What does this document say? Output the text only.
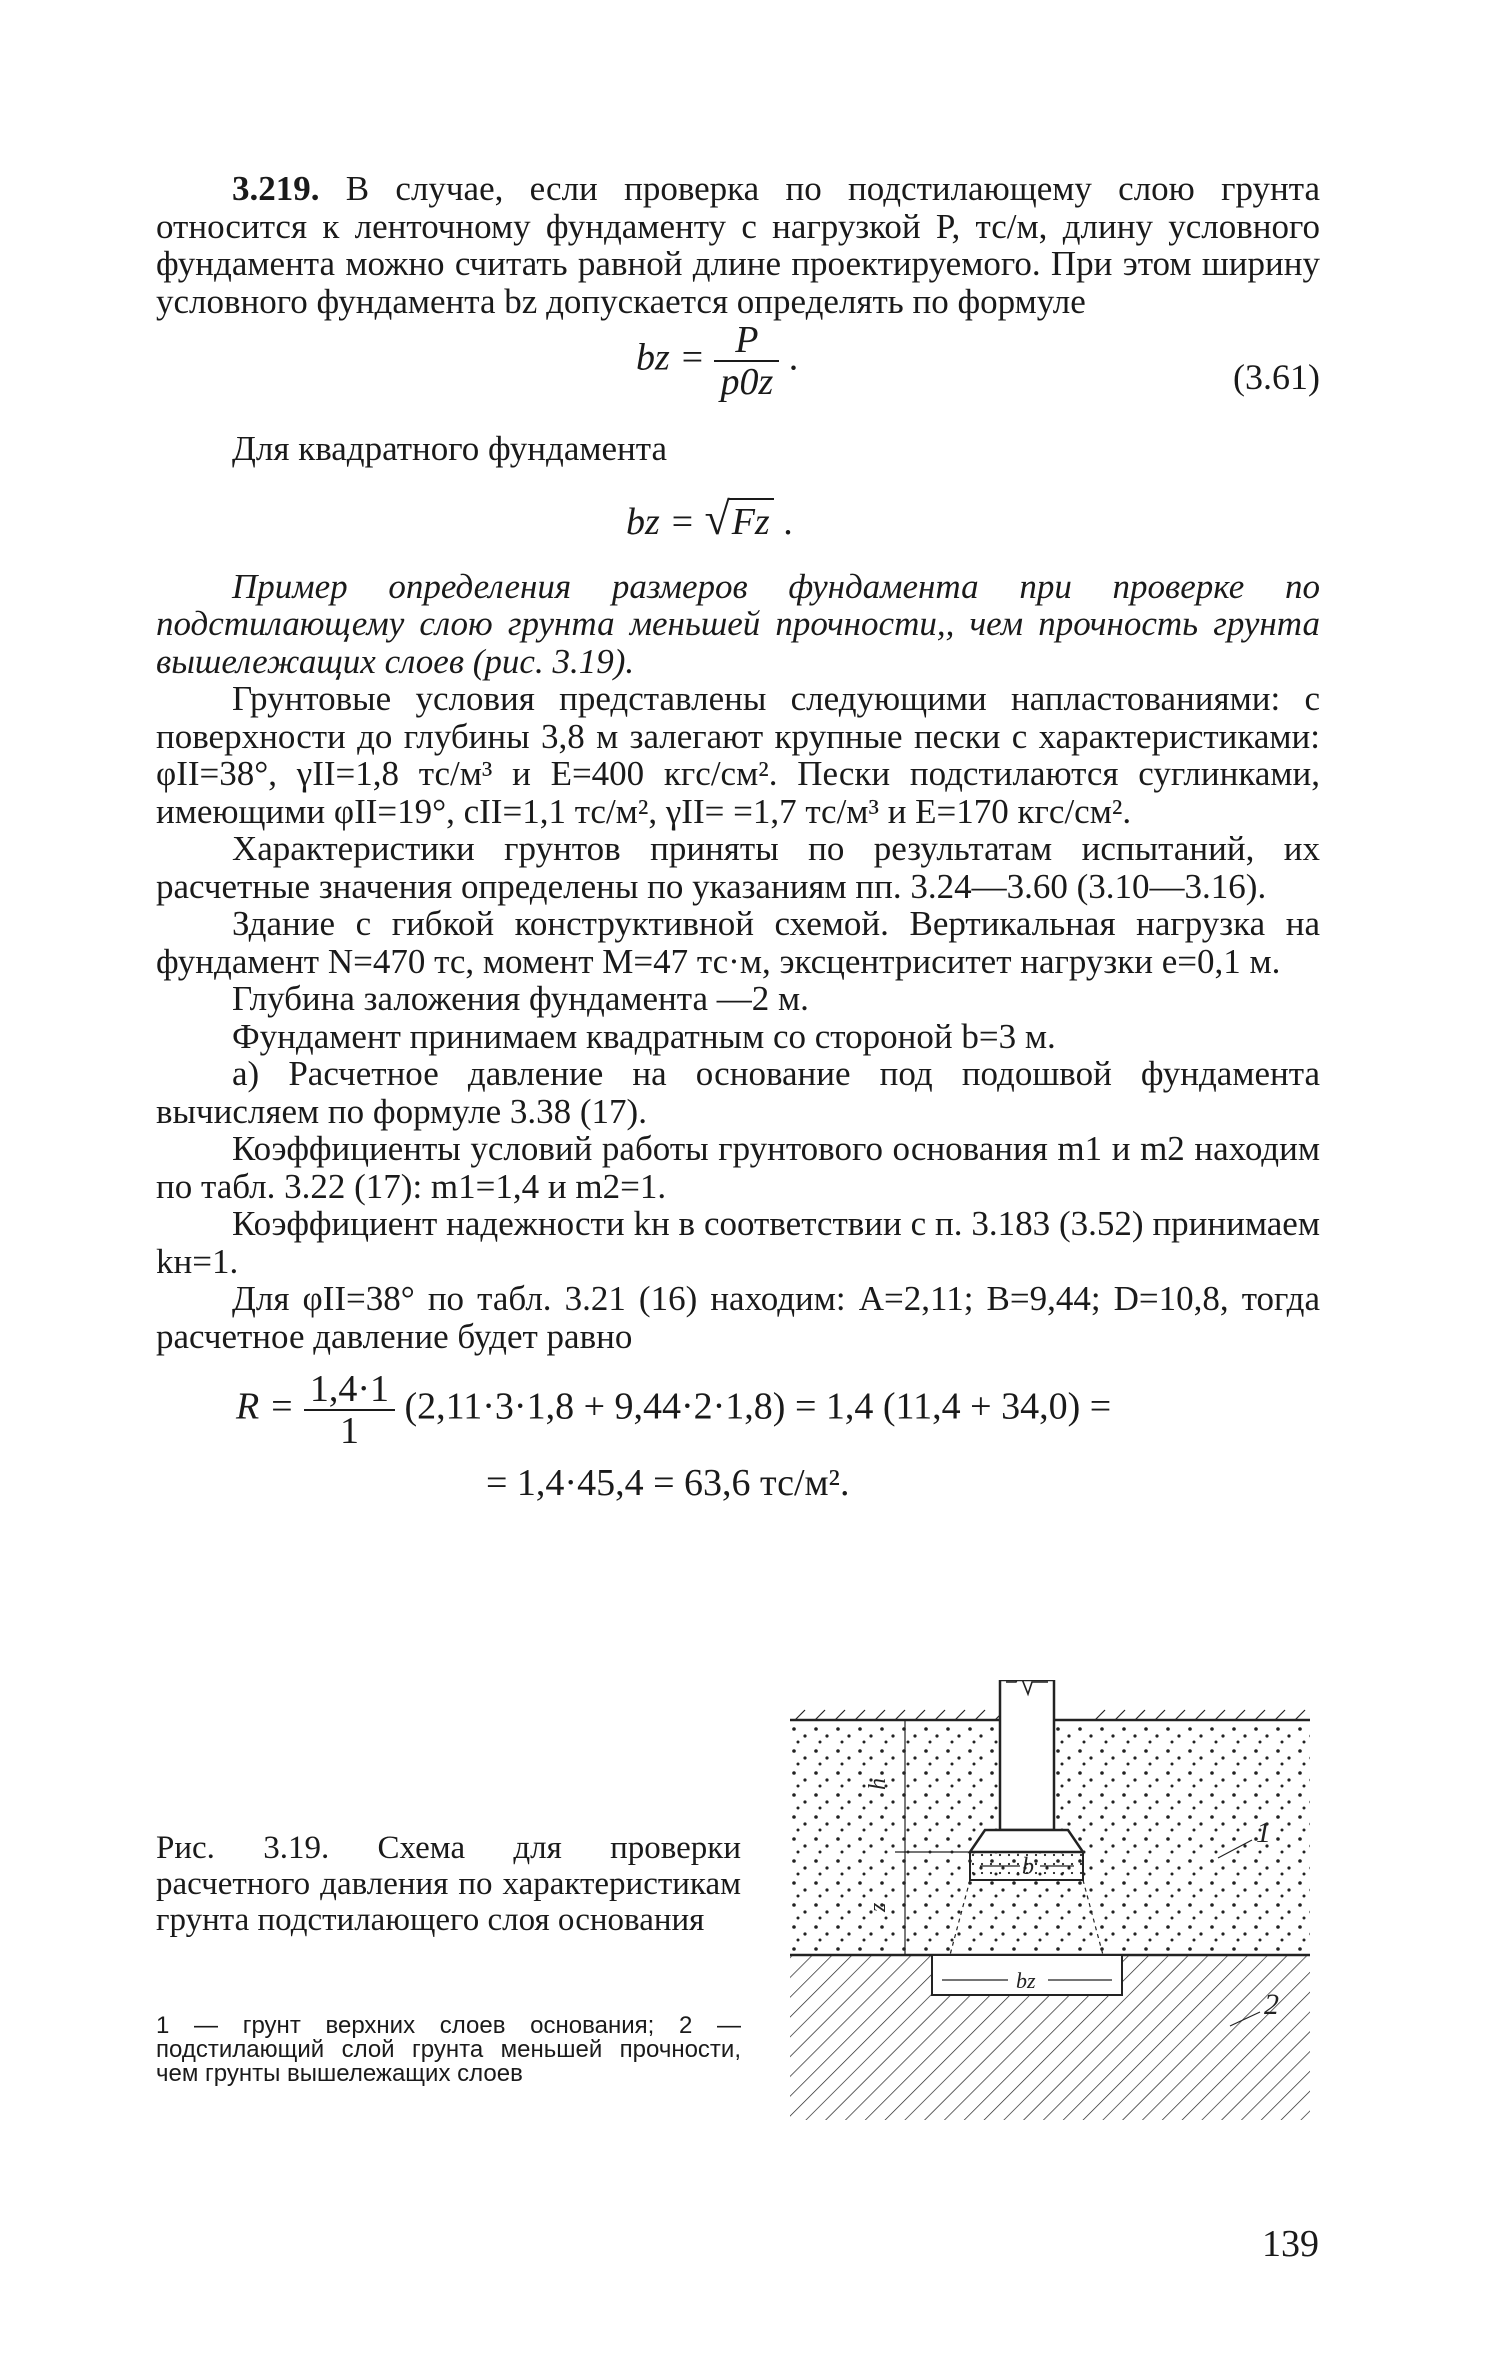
3.219. В случае, если проверка по подстилающему слою грунта относится к ленточному фундаменту с нагрузкой P, тс/м, длину условного фундамента можно считать равной длине проектируемого. При этом ширину условного фундамента bz допускается определять по формуле

bz = $\frac{P}{p0z}$ .	(3.61)

Для квадратного фундамента

bz = √Fz .

Пример определения размеров фундамента при проверке по подстилающему слою грунта меньшей прочности,, чем прочность грунта вышележащих слоев (рис. 3.19).

Грунтовые условия представлены следующими напластованиями: с поверхности до глубины 3,8 м залегают крупные пески с характеристиками: φII=38°, γII=1,8 тс/м³ и E=400 кгс/см². Пески подстилаются суглинками, имеющими φII=19°, cII=1,1 тс/м², γII= =1,7 тс/м³ и E=170 кгс/см².

Характеристики грунтов приняты по результатам испытаний, их расчетные значения определены по указаниям пп. 3.24—3.60 (3.10—3.16).

Здание с гибкой конструктивной схемой. Вертикальная нагрузка на фундамент N=470 тс, момент M=47 тс·м, эксцентриситет нагрузки e=0,1 м.

Глубина заложения фундамента —2 м.

Фундамент принимаем квадратным со стороной b=3 м.

а) Расчетное давление на основание под подошвой фундамента вычисляем по формуле 3.38 (17).

Коэффициенты условий работы грунтового основания m1 и m2 находим по табл. 3.22 (17): m1=1,4 и m2=1.

Коэффициент надежности kн в соответствии с п. 3.183 (3.52) принимаем kн=1.

Для φII=38° по табл. 3.21 (16) находим: A=2,11; B=9,44; D=10,8, тогда расчетное давление будет равно

$R = \frac{1,4\cdot 1}{1} (2,11\cdot 3\cdot 1,8 + 9,44\cdot 2\cdot 1,8) = 1,4$ (11,4 + 34,0) =
= 1,4·45,4 = 63,6 тс/м².
Рис. 3.19. Схема для проверки расчетного давления по характеристикам грунта подстилающего слоя основания
1 — грунт верхних слоев основания; 2 — подстилающий слой грунта меньшей прочности, чем грунты вышележащих слоев
h
z
b
bz
1
2
139
